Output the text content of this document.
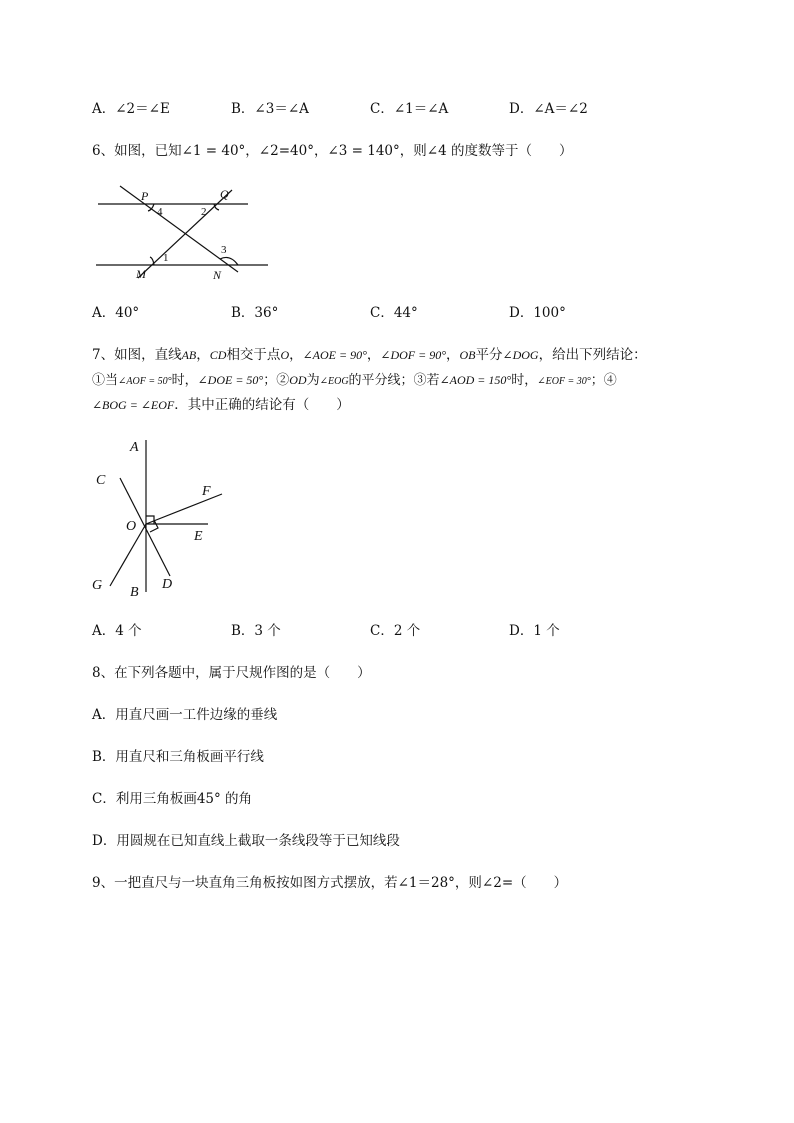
A．∠2＝∠E	B．∠3＝∠A	C．∠1＝∠A	D．∠A＝∠2
6、如图，已知∠1 = 40°，∠2=40°，∠3 = 140°，则∠4 的度数等于（　　）
P	Q
M	N
4	2
1
3
A．40°	B．36°	C．44°	D．100°
7、如图，直线AB，CD相交于点O，∠AOE = 90°，∠DOF = 90°，OB平分∠DOG，给出下列结论：
①当∠AOF = 50°时，∠DOE = 50°；②OD为∠EOG的平分线；③若∠AOD = 150°时，∠EOF = 30°；④
∠BOG = ∠EOF．其中正确的结论有（　　）
A
C
F
O
E
G	D
B
A．4 个	B．3 个	C．2 个	D．1 个
8、在下列各题中，属于尺规作图的是（　　）
A．用直尺画一工件边缘的垂线
B．用直尺和三角板画平行线
C．利用三角板画45° 的角
D．用圆规在已知直线上截取一条线段等于已知线段
9、一把直尺与一块直角三角板按如图方式摆放，若∠1＝28°，则∠2=（　　）
